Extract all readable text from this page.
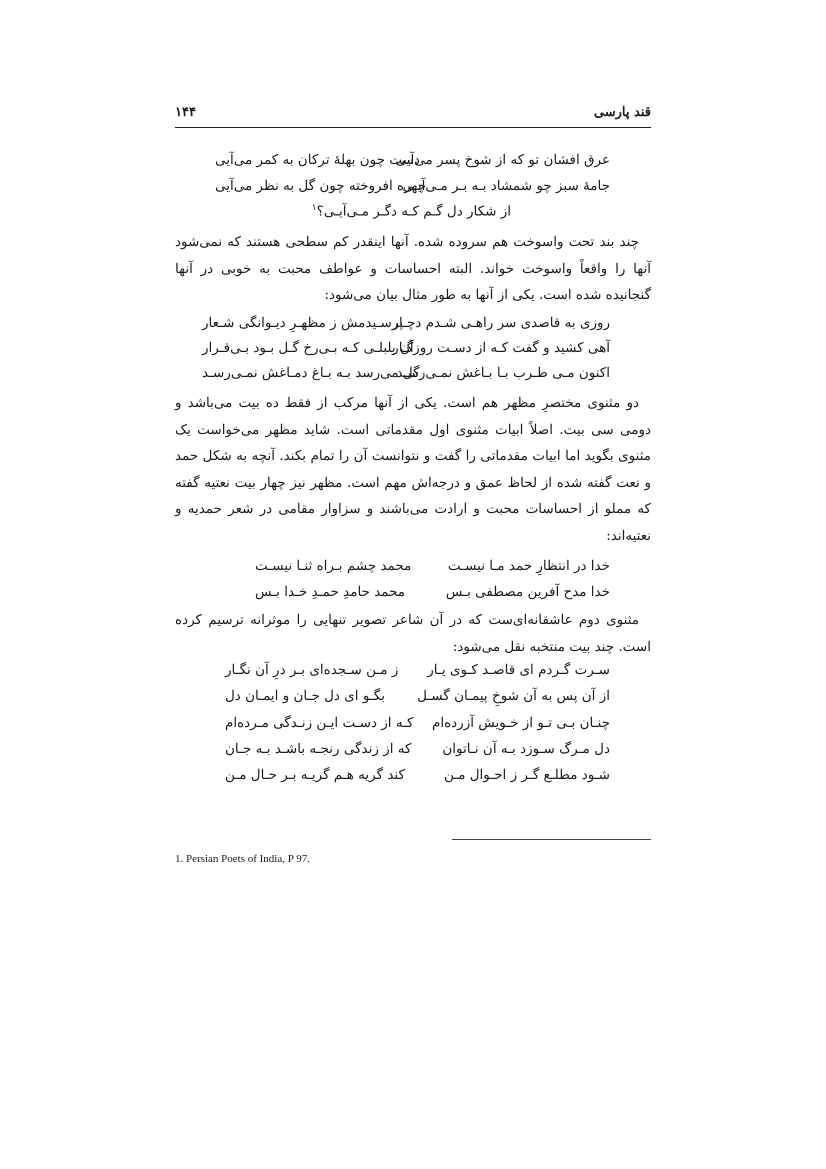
قند پارسی
۱۴۴
عرق افشان تو که از شوخ پسر می‌آیی
دست چون بهلهٔ ترکان به کمر می‌آیی
جامهٔ سبز چو شمشاد بـه بـر مـی‌آیـی
چهره افروخته چون گل به نظر می‌آیی
از شکار دل گـم کـه دگـر مـی‌آیـی؟$^۱$
چند بند تحت واسوخت هم سروده شده. آنها اینقدر کم سطحی هستند که نمی‌شود آنها را واقعاً واسوخت خواند. البته احساسات و عواطف محبت به خوبی در آنها گنجانیده شده است. یکی از آنها به طور مثال بیان می‌شود:
روزی به قاصدی سر راهـی شـدم دچـار
پرسـیدمش ز مظهـرِ دیـوانگی شـعار
آهی کشید و گفت کـه از دسـت روزگـار
آن بلبلـی کـه بـی‌رخ گـل بـود بـی‌قـرار
اکنون مـی طـرب بـا بـاغش نمـی‌رسـد
گل می‌رسد بـه بـاغ دمـاغش نمـی‌رسـد
دو مثنوی مختصرِ مظهر هم است. یکی از آنها مرکب از فقط ده بیت می‌باشد و دومی سی بیت. اصلاً ابیات مثنوی اول مقدماتی است. شاید مظهر می‌خواست یک مثنوی بگوید اما ابیات مقدماتی را گفت و نتوانست آن را تمام بکند. آنچه به شکل حمد و نعت گفته شده از لحاظ عمق و درجه‌اش مهم است. مظهر نیز چهار بیت نعتیه گفته که مملو از احساسات محبت و ارادت می‌باشند و سزاوار مقامی در شعر حمدیه و نعتیه‌اند:
خدا در انتظارِ حمد مـا نیسـت
محمد چشم بـراه ثنـا نیسـت
خدا مدح آفرین مصطفی بـس
محمد حامدِ حمـدِ خـدا بـس
مثنوی دوم عاشقانه‌ای‌ست که در آن شاعر تصویر تنهایی را موثرانه ترسیم کرده است. چند بیت منتخبه نقل می‌شود:
سـرت گـردم ای قاصـد کـوی یـار
ز مـن سـجده‌ای بـر درِ آن نگـار
از آن پس به آن شوخِ پیمـان گسـل
بگـو ای دل جـان و ایمـان دل
چنـان بـی تـو از خـویش آزرده‌ام
کـه از دسـت ایـن زنـدگی مـرده‌ام
دل مـرگ سـوزد بـه آن نـاتوان
که از زندگی رنجـه باشـد بـه جـان
شـود مطلـع گـر ز احـوال مـن
کند گریه هـم گریـه بـر حـال مـن
1. Persian Poets of India, P 97.
